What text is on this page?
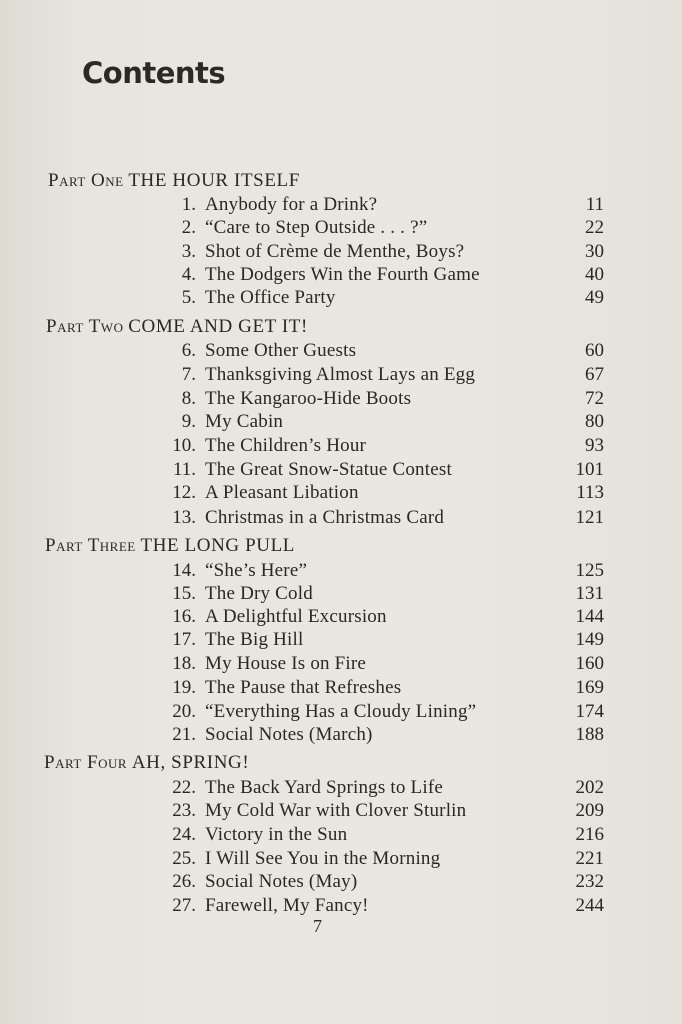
Contents
Part One THE HOUR ITSELF
1. Anybody for a Drink?	11
2. “Care to Step Outside . . . ?”	22
3. Shot of Crème de Menthe, Boys?	30
4. The Dodgers Win the Fourth Game	40
5. The Office Party	49
Part Two COME AND GET IT!
6. Some Other Guests	60
7. Thanksgiving Almost Lays an Egg	67
8. The Kangaroo-Hide Boots	72
9. My Cabin	80
10. The Children’s Hour	93
11. The Great Snow-Statue Contest	101
12. A Pleasant Libation	113
13. Christmas in a Christmas Card	121
Part Three THE LONG PULL
14. “She’s Here”	125
15. The Dry Cold	131
16. A Delightful Excursion	144
17. The Big Hill	149
18. My House Is on Fire	160
19. The Pause that Refreshes	169
20. “Everything Has a Cloudy Lining”	174
21. Social Notes (March)	188
Part Four AH, SPRING!
22. The Back Yard Springs to Life	202
23. My Cold War with Clover Sturlin	209
24. Victory in the Sun	216
25. I Will See You in the Morning	221
26. Social Notes (May)	232
27. Farewell, My Fancy!	244
7
